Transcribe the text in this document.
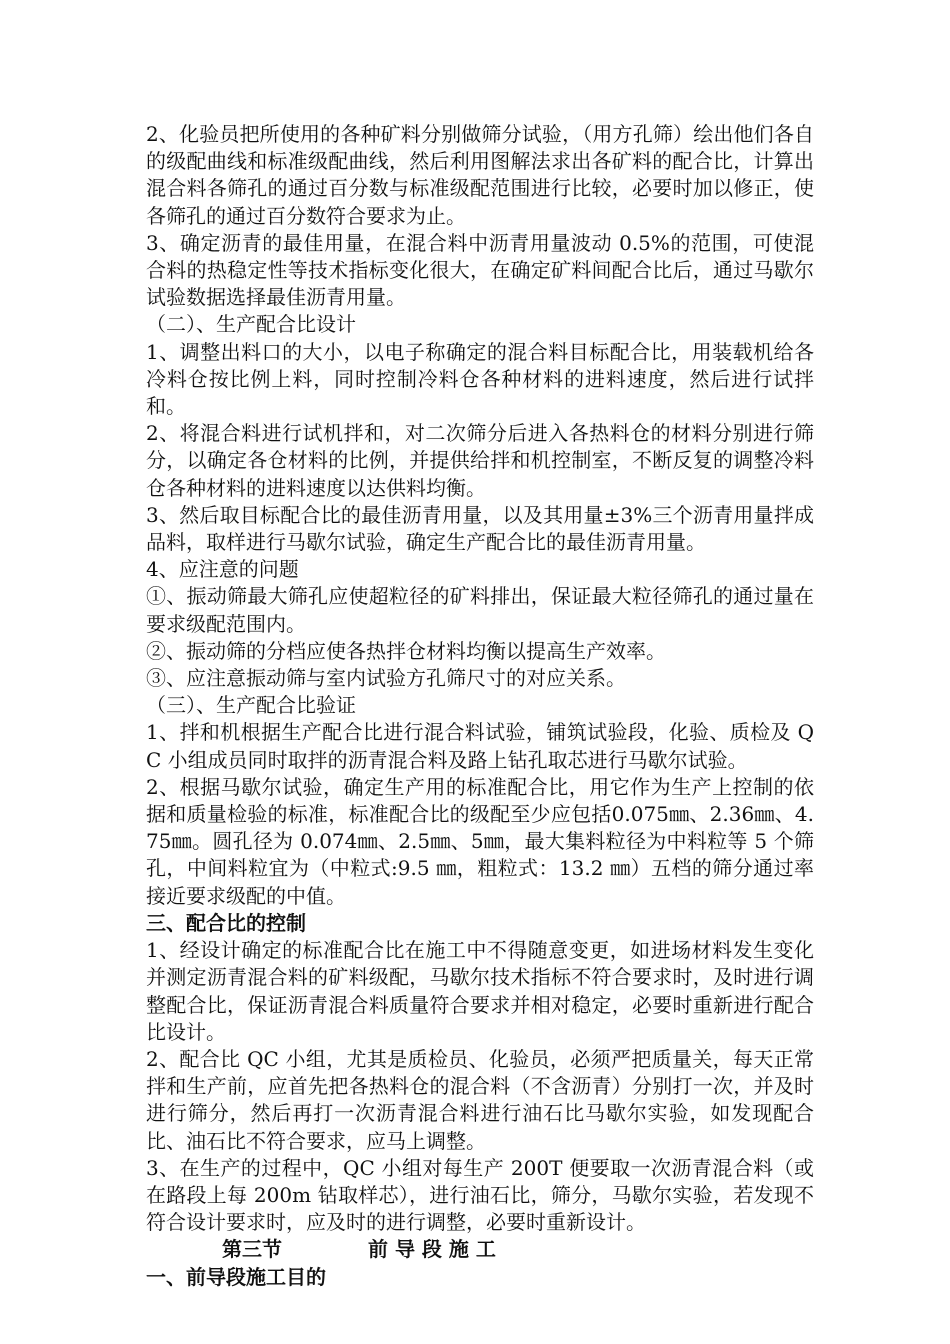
2、化验员把所使用的各种矿料分别做筛分试验，（用方孔筛）绘出他们各自的级配曲线和标准级配曲线，然后利用图解法求出各矿料的配合比，计算出混合料各筛孔的通过百分数与标准级配范围进行比较，必要时加以修正，使各筛孔的通过百分数符合要求为止。

3、确定沥青的最佳用量，在混合料中沥青用量波动 0.5%的范围，可使混合料的热稳定性等技术指标变化很大，在确定矿料间配合比后，通过马歇尔试验数据选择最佳沥青用量。

（二）、生产配合比设计

1、调整出料口的大小，以电子称确定的混合料目标配合比，用装载机给各冷料仓按比例上料，同时控制冷料仓各种材料的进料速度，然后进行试拌和。

2、将混合料进行试机拌和，对二次筛分后进入各热料仓的材料分别进行筛分，以确定各仓材料的比例，并提供给拌和机控制室，不断反复的调整冷料仓各种材料的进料速度以达供料均衡。

3、然后取目标配合比的最佳沥青用量，以及其用量±3%三个沥青用量拌成品料，取样进行马歇尔试验，确定生产配合比的最佳沥青用量。

4、应注意的问题

①、振动筛最大筛孔应使超粒径的矿料排出，保证最大粒径筛孔的通过量在要求级配范围内。

②、振动筛的分档应使各热拌仓材料均衡以提高生产效率。

③、应注意振动筛与室内试验方孔筛尺寸的对应关系。

（三）、生产配合比验证

1、拌和机根据生产配合比进行混合料试验，铺筑试验段，化验、质检及 QC 小组成员同时取拌的沥青混合料及路上钻孔取芯进行马歇尔试验。

2、根据马歇尔试验，确定生产用的标准配合比，用它作为生产上控制的依据和质量检验的标准，标准配合比的级配至少应包括0.075㎜、2.36㎜、4.75㎜。圆孔径为 0.074㎜、2.5㎜、5㎜，最大集料粒径为中料粒等 5 个筛孔，中间料粒宜为（中粒式:9.5 ㎜，粗粒式：13.2 ㎜）五档的筛分通过率接近要求级配的中值。

三、配合比的控制

1、经设计确定的标准配合比在施工中不得随意变更，如进场材料发生变化并测定沥青混合料的矿料级配，马歇尔技术指标不符合要求时，及时进行调整配合比，保证沥青混合料质量符合要求并相对稳定，必要时重新进行配合比设计。

2、配合比 QC 小组，尤其是质检员、化验员，必须严把质量关，每天正常拌和生产前，应首先把各热料仓的混合料（不含沥青）分别打一次，并及时进行筛分，然后再打一次沥青混合料进行油石比马歇尔实验，如发现配合比、油石比不符合要求，应马上调整。

3、在生产的过程中，QC 小组对每生产 200T 便要取一次沥青混合料（或在路段上每 200m 钻取样芯），进行油石比，筛分，马歇尔实验，若发现不符合设计要求时，应及时的进行调整，必要时重新设计。

第三节	前 导 段 施 工

一、前导段施工目的
